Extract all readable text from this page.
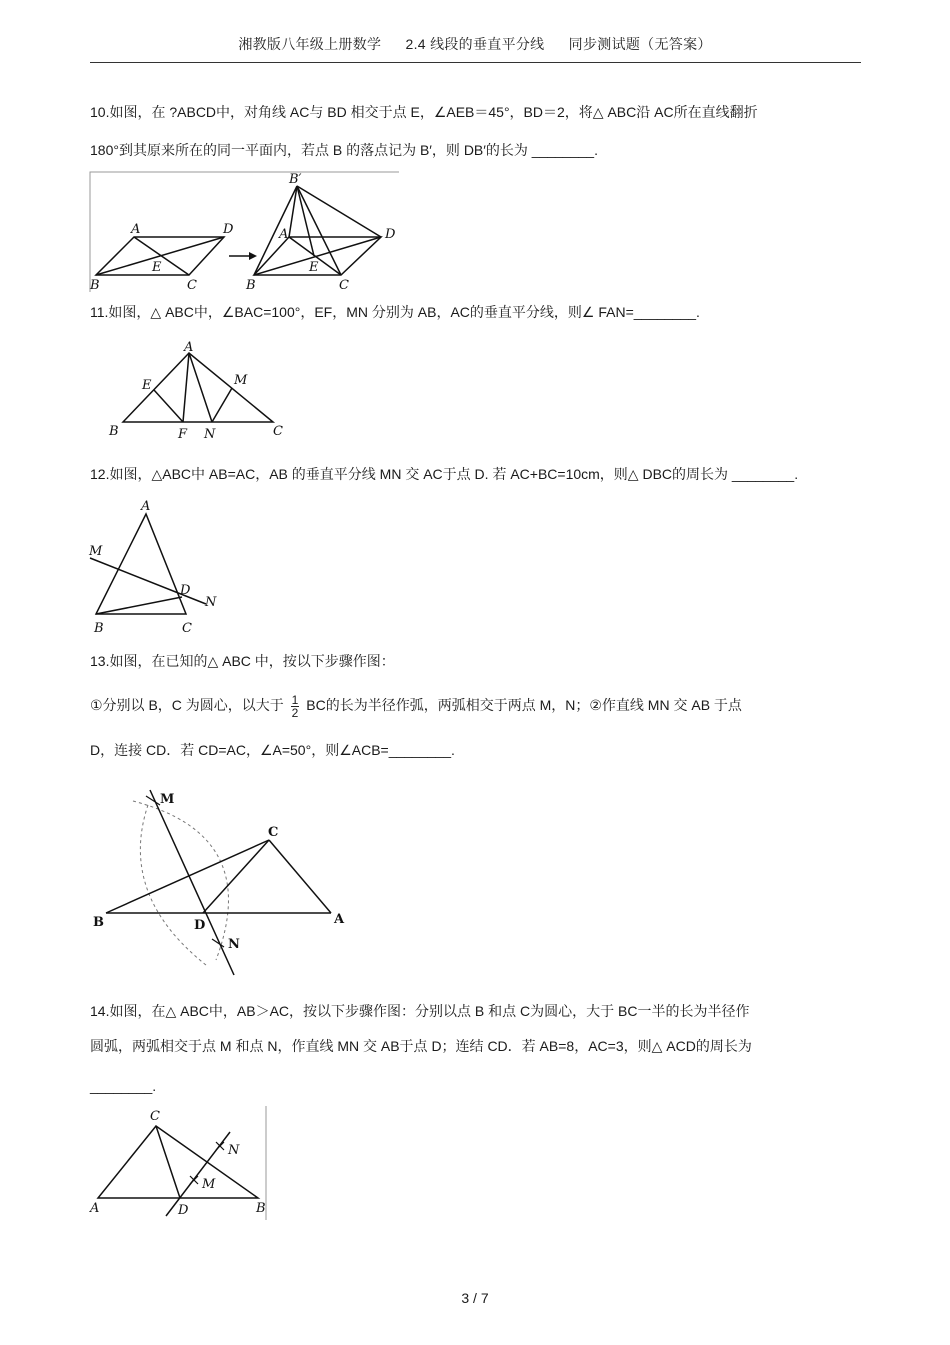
湘教版八年级上册数学 2.4 线段的垂直平分线 同步测试题（无答案）
10.如图，在 ?ABCD中，对角线 AC与 BD 相交于点 E，∠AEB＝45°，BD＝2，将△ ABC沿 AC所在直线翻折
180°到其原来所在的同一平面内，若点 B 的落点记为 B′，则 DB′的长为 ________.
A	D
B	C
E
B′
A	D
B
E
C
11.如图，△ ABC中，∠BAC=100°，EF，MN 分别为 AB，AC的垂直平分线，则∠ FAN=________.
A
E	M
B	F N	C
12.如图，△ABC中 AB=AC，AB 的垂直平分线 MN 交 AC于点 D. 若 AC+BC=10cm，则△ DBC的周长为 ________.
A
M
D
N
B	C
13.如图，在已知的△ ABC 中，按以下步骤作图：
①分别以 B，C 为圆心，以大于 $\frac{1}{2}$ BC的长为半径作弧，两弧相交于两点 M，N；②作直线 MN 交 AB 于点
D，连接 CD．若 CD=AC，∠A=50°，则∠ACB=________.
M
C
B	D	A
N
14.如图，在△ ABC中，AB＞AC，按以下步骤作图：分别以点 B 和点 C为圆心，大于 BC一半的长为半径作
圆弧，两弧相交于点 M 和点 N，作直线 MN 交 AB于点 D；连结 CD．若 AB=8，AC=3，则△ ACD的周长为
________.
C
N
M
A	D	B
3 / 7
